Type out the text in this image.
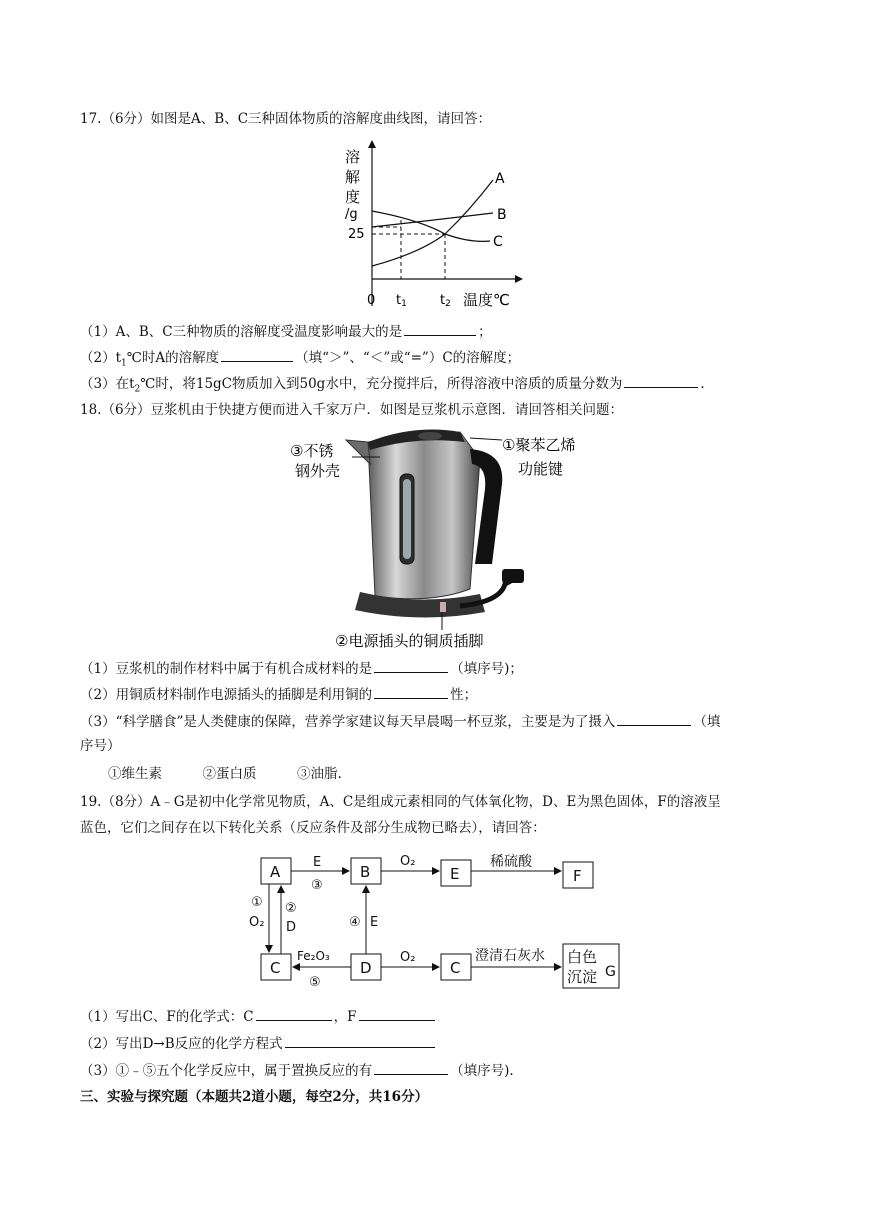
17.（6分）如图是A、B、C三种固体物质的溶解度曲线图，请回答：
溶
解
度
/g
25
A
B
C
0 t1	t2 温度℃
（1）A、B、C三种物质的溶解度受温度影响最大的是	；
$(2)t_1℃$时A的溶解度	（填“＞”、“＜”或“=”）C的溶解度；
（3）在$t_2℃$时，将15gC物质加入到50g水中，充分搅拌后，所得溶液中溶质的质量分数为	.
18.（6分）豆浆机由于快捷方便而进入千家万户．如图是豆浆机示意图．请回答相关问题：
③不锈
钢外壳
①聚苯乙烯
功能键
②电源插头的铜质插脚
（1）豆浆机的制作材料中属于有机合成材料的是	（填序号)；
（2）用铜质材料制作电源插头的插脚是利用铜的	性；
（3）“科学膳食”是人类健康的保障，营养学家建议每天早晨喝一杯豆浆，主要是为了摄入	（填
序号）
①维生素　　　②蛋白质　　　③油脂.
19.（8分）A﹣G是初中化学常见物质，A、C是组成元素相同的气体氧化物，D、E为黑色固体，F的溶液呈
蓝色，它们之间存在以下转化关系（反应条件及部分生成物已略去），请回答：
A	B	E	F
C	D	C
白色
沉淀 G
E
③
O₂	稀硫酸
①
O₂
②
D	④ E
Fe₂O₃
⑤
O₂	澄清石灰水
（1）写出C、F的化学式：C	，F
（2）写出D→B反应的化学方程式
（3）①﹣⑤五个化学反应中，属于置换反应的有	（填序号).
三、实验与探究题（本题共2道小题，每空2分，共16分）
